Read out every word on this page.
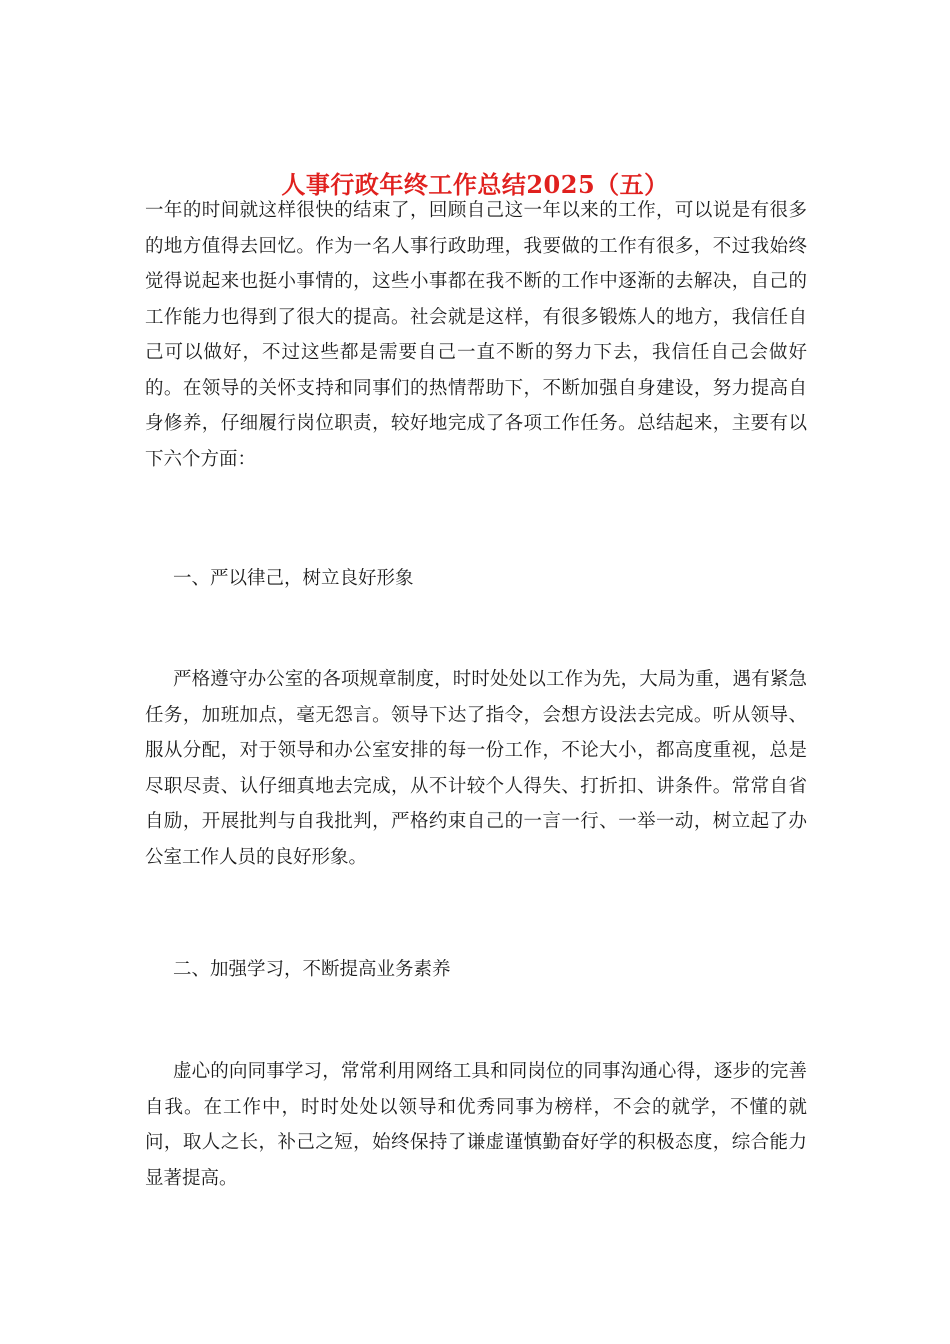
人事行政年终工作总结2025（五）

一年的时间就这样很快的结束了，回顾自己这一年以来的工作，可以说是有很多的地方值得去回忆。作为一名人事行政助理，我要做的工作有很多，不过我始终觉得说起来也挺小事情的，这些小事都在我不断的工作中逐渐的去解决，自己的工作能力也得到了很大的提高。社会就是这样，有很多锻炼人的地方，我信任自己可以做好，不过这些都是需要自己一直不断的努力下去，我信任自己会做好的。在领导的关怀支持和同事们的热情帮助下，不断加强自身建设，努力提高自身修养，仔细履行岗位职责，较好地完成了各项工作任务。总结起来，主要有以下六个方面：

一、严以律己，树立良好形象

严格遵守办公室的各项规章制度，时时处处以工作为先，大局为重，遇有紧急任务，加班加点，毫无怨言。领导下达了指令，会想方设法去完成。听从领导、服从分配，对于领导和办公室安排的每一份工作，不论大小，都高度重视，总是尽职尽责、认仔细真地去完成，从不计较个人得失、打折扣、讲条件。常常自省自励，开展批判与自我批判，严格约束自己的一言一行、一举一动，树立起了办公室工作人员的良好形象。

二、加强学习，不断提高业务素养

虚心的向同事学习，常常利用网络工具和同岗位的同事沟通心得，逐步的完善自我。在工作中，时时处处以领导和优秀同事为榜样，不会的就学，不懂的就问，取人之长，补己之短，始终保持了谦虚谨慎勤奋好学的积极态度，综合能力显著提高。
